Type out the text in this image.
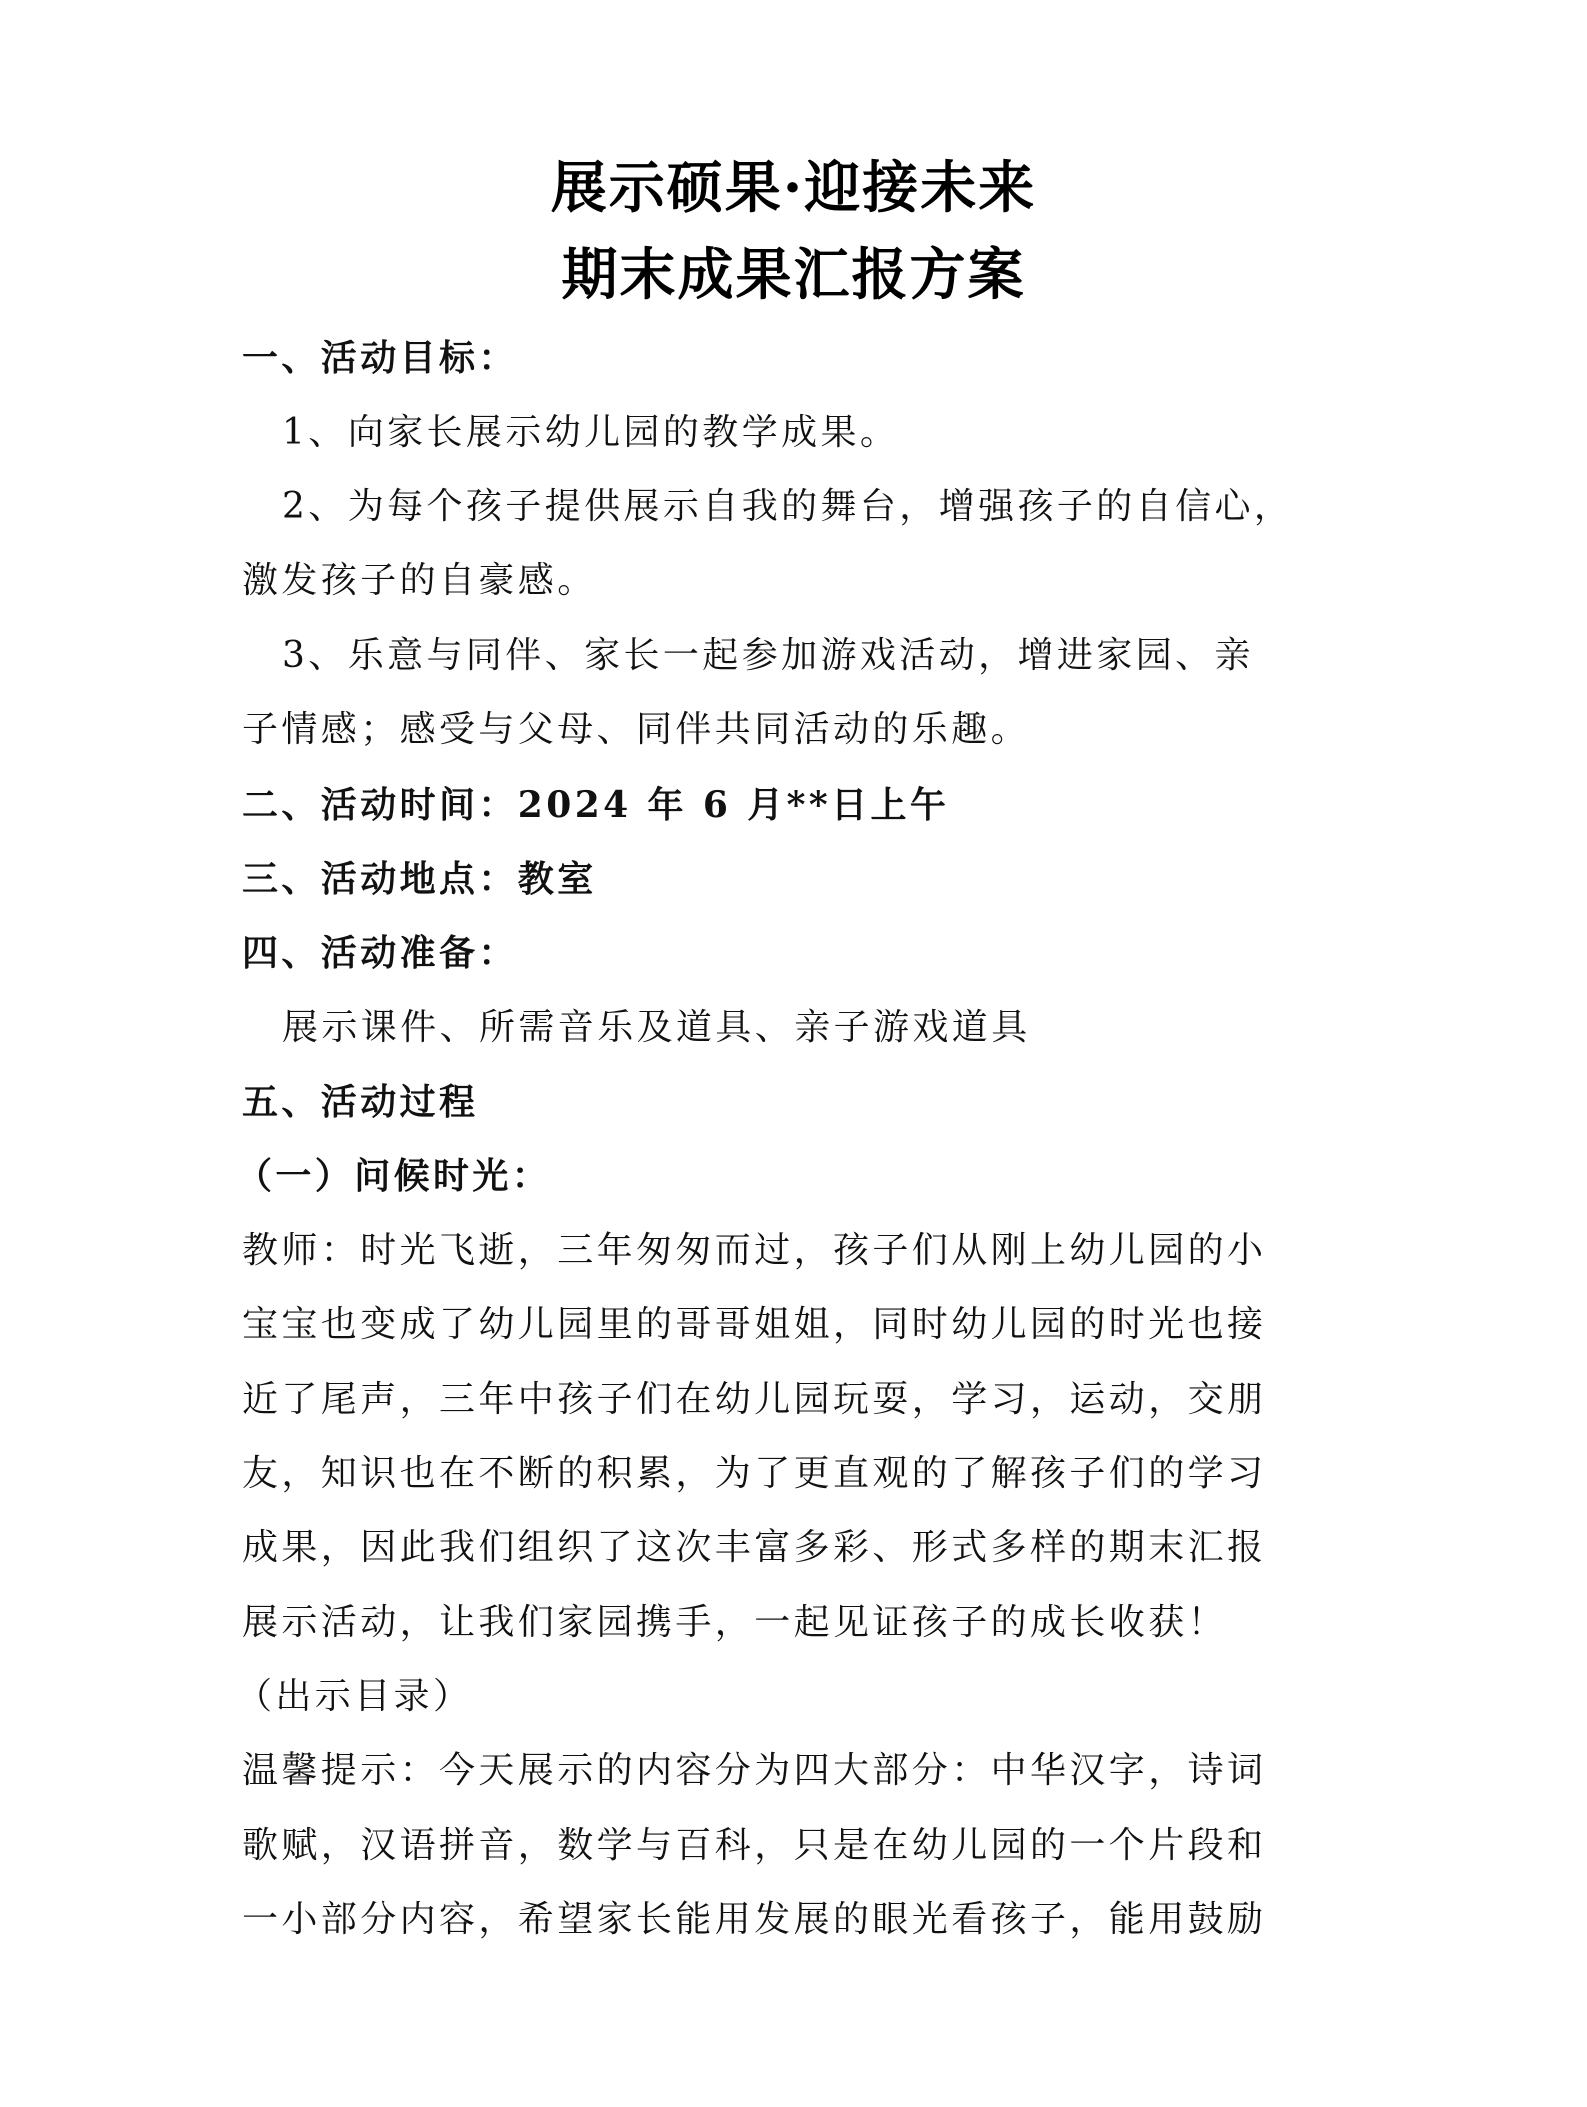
展示硕果·迎接未来
期末成果汇报方案
一、活动目标：
1、向家长展示幼儿园的教学成果。
2、为每个孩子提供展示自我的舞台，增强孩子的自信心，
激发孩子的自豪感。
3、乐意与同伴、家长一起参加游戏活动，增进家园、亲
子情感；感受与父母、同伴共同活动的乐趣。
二、活动时间：2024 年 6 月**日上午
三、活动地点：教室
四、活动准备：
展示课件、所需音乐及道具、亲子游戏道具
五、活动过程
（一）问候时光：
教师：时光飞逝，三年匆匆而过，孩子们从刚上幼儿园的小
宝宝也变成了幼儿园里的哥哥姐姐，同时幼儿园的时光也接
近了尾声，三年中孩子们在幼儿园玩耍，学习，运动，交朋
友，知识也在不断的积累，为了更直观的了解孩子们的学习
成果，因此我们组织了这次丰富多彩、形式多样的期末汇报
展示活动，让我们家园携手，一起见证孩子的成长收获！
（出示目录）
温馨提示：今天展示的内容分为四大部分：中华汉字，诗词
歌赋，汉语拼音，数学与百科，只是在幼儿园的一个片段和
一小部分内容，希望家长能用发展的眼光看孩子，能用鼓励
